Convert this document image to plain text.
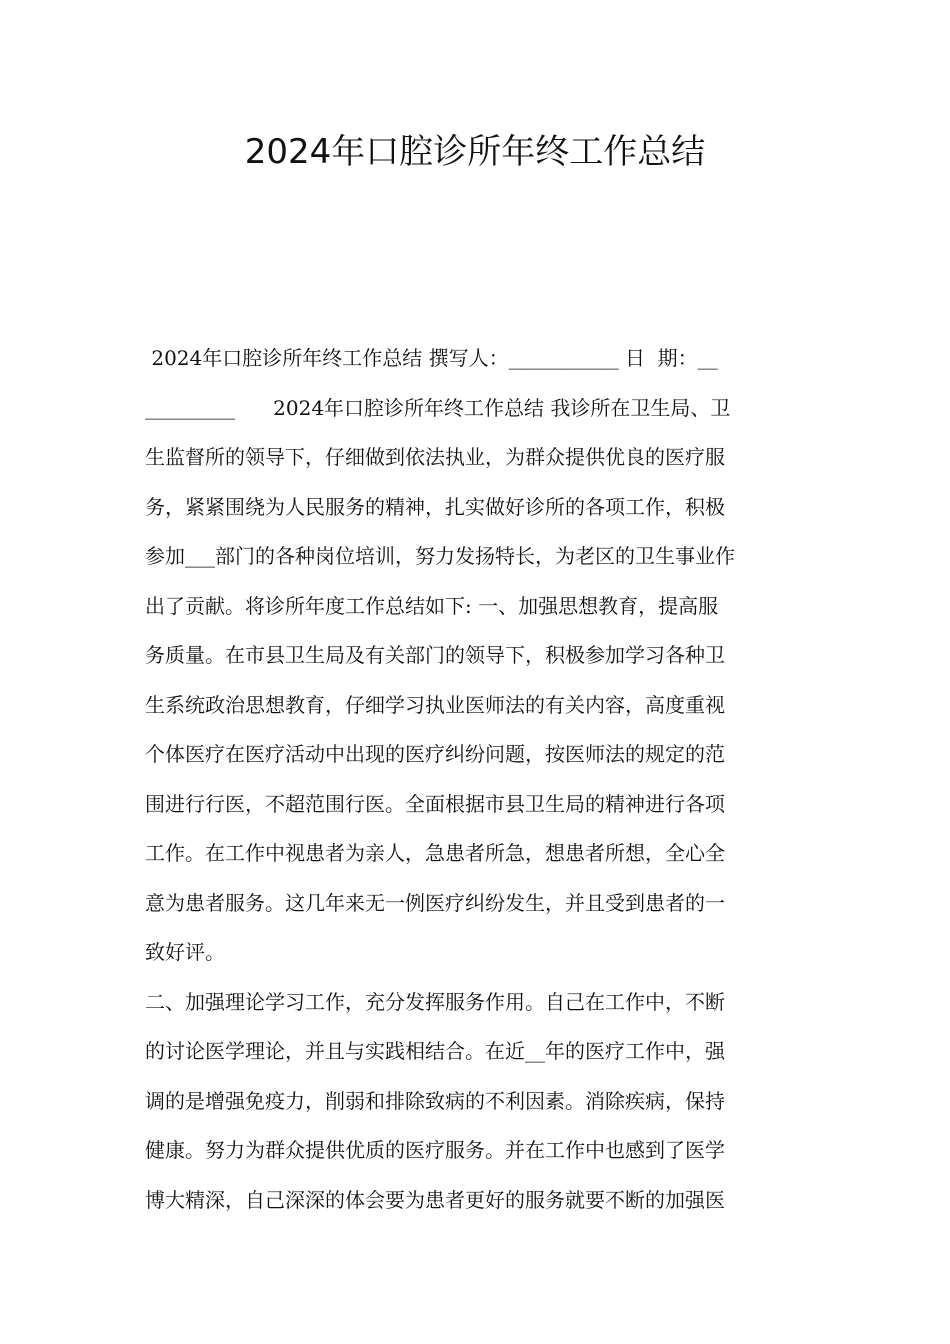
2024年口腔诊所年终工作总结
2024年口腔诊所年终工作总结 撰写人：___________ 日  期：__
_________      2024年口腔诊所年终工作总结 我诊所在卫生局、卫
生监督所的领导下，仔细做到依法执业，为群众提供优良的医疗服
务，紧紧围绕为人民服务的精神，扎实做好诊所的各项工作，积极
参加___部门的各种岗位培训，努力发扬特长，为老区的卫生事业作
出了贡献。将诊所年度工作总结如下: 一、加强思想教育，提高服
务质量。在市县卫生局及有关部门的领导下，积极参加学习各种卫
生系统政治思想教育，仔细学习执业医师法的有关内容，高度重视
个体医疗在医疗活动中出现的医疗纠纷问题，按医师法的规定的范
围进行行医，不超范围行医。全面根据市县卫生局的精神进行各项
工作。在工作中视患者为亲人，急患者所急，想患者所想，全心全
意为患者服务。这几年来无一例医疗纠纷发生，并且受到患者的一
致好评。
二、加强理论学习工作，充分发挥服务作用。自己在工作中，不断
的讨论医学理论，并且与实践相结合。在近__年的医疗工作中，强
调的是增强免疫力，削弱和排除致病的不利因素。消除疾病，保持
健康。努力为群众提供优质的医疗服务。并在工作中也感到了医学
博大精深，自己深深的体会要为患者更好的服务就要不断的加强医
